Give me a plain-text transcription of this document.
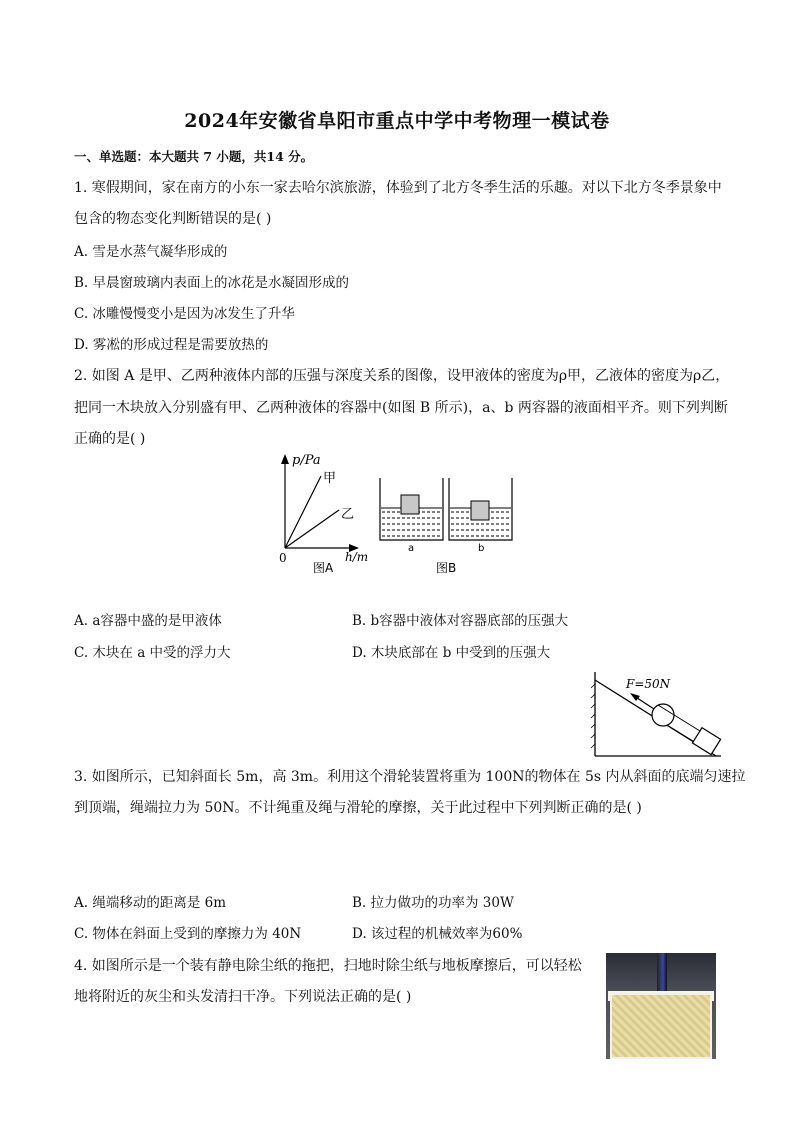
2024年安徽省阜阳市重点中学中考物理一模试卷
一、单选题：本大题共 7 小题，共14 分。
1. 寒假期间，家在南方的小东一家去哈尔滨旅游，体验到了北方冬季生活的乐趣。对以下北方冬季景象中
包含的物态变化判断错误的是( )
A. 雪是水蒸气凝华形成的
B. 早晨窗玻璃内表面上的冰花是水凝固形成的
C. 冰雕慢慢变小是因为冰发生了升华
D. 雾凇的形成过程是需要放热的
2. 如图 A 是甲、乙两种液体内部的压强与深度关系的图像，设甲液体的密度为ρ甲，乙液体的密度为ρ乙，
把同一木块放入分别盛有甲、乙两种液体的容器中(如图 B 所示)，a、b 两容器的液面相平齐。则下列判断
正确的是( )
p/Pa
甲
乙
0	h/m
图A
a	b
图B
A. a容器中盛的是甲液体	B. b容器中液体对容器底部的压强大
C. 木块在 a 中受的浮力大	D. 木块底部在 b 中受到的压强大
F=50N
3. 如图所示，已知斜面长 5m，高 3m。利用这个滑轮装置将重为 100N的物体在 5s 内从斜面的底端匀速拉
到顶端，绳端拉力为 50N。不计绳重及绳与滑轮的摩擦，关于此过程中下列判断正确的是( )
A. 绳端移动的距离是 6m	B. 拉力做功的功率为 30W
C. 物体在斜面上受到的摩擦力为 40N	D. 该过程的机械效率为60%
4. 如图所示是一个装有静电除尘纸的拖把，扫地时除尘纸与地板摩擦后，可以轻松
地将附近的灰尘和头发清扫干净。下列说法正确的是( )
